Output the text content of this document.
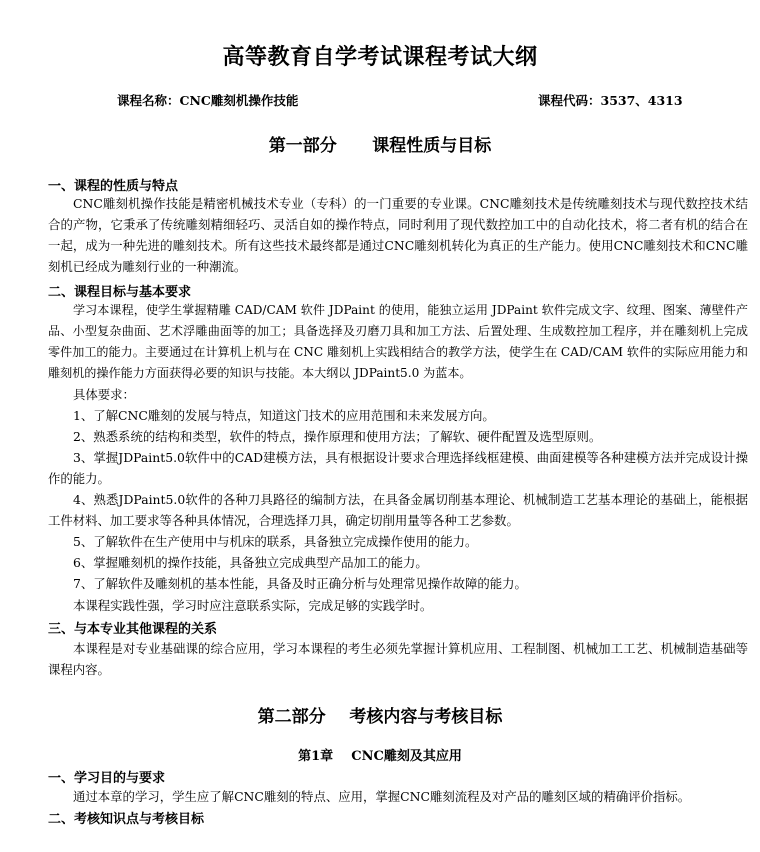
高等教育自学考试课程考试大纲
课程名称：CNC雕刻机操作技能	课程代码：3537、4313
第一部分      课程性质与目标
一、课程的性质与特点
CNC雕刻机操作技能是精密机械技术专业（专科）的一门重要的专业课。CNC雕刻技术是传统雕刻技术与现代数控技术结合的产物，它秉承了传统雕刻精细轻巧、灵活自如的操作特点，同时利用了现代数控加工中的自动化技术，将二者有机的结合在一起，成为一种先进的雕刻技术。所有这些技术最终都是通过CNC雕刻机转化为真正的生产能力。使用CNC雕刻技术和CNC雕刻机已经成为雕刻行业的一种潮流。
二、课程目标与基本要求
学习本课程，使学生掌握精雕 CAD/CAM 软件 JDPaint 的使用，能独立运用 JDPaint 软件完成文字、纹理、图案、薄壁件产品、小型复杂曲面、艺术浮雕曲面等的加工；具备选择及刃磨刀具和加工方法、后置处理、生成数控加工程序，并在雕刻机上完成零件加工的能力。主要通过在计算机上机与在 CNC 雕刻机上实践相结合的教学方法，使学生在 CAD/CAM 软件的实际应用能力和雕刻机的操作能力方面获得必要的知识与技能。本大纲以 JDPaint5.0 为蓝本。
具体要求：
1、了解CNC雕刻的发展与特点，知道这门技术的应用范围和未来发展方向。
2、熟悉系统的结构和类型，软件的特点，操作原理和使用方法；了解软、硬件配置及选型原则。
3、掌握JDPaint5.0软件中的CAD建模方法，具有根据设计要求合理选择线框建模、曲面建模等各种建模方法并完成设计操作的能力。
4、熟悉JDPaint5.0软件的各种刀具路径的编制方法，在具备金属切削基本理论、机械制造工艺基本理论的基础上，能根据工件材料、加工要求等各种具体情况，合理选择刀具，确定切削用量等各种工艺参数。
5、了解软件在生产使用中与机床的联系，具备独立完成操作使用的能力。
6、掌握雕刻机的操作技能，具备独立完成典型产品加工的能力。
7、了解软件及雕刻机的基本性能，具备及时正确分析与处理常见操作故障的能力。
本课程实践性强，学习时应注意联系实际，完成足够的实践学时。
三、与本专业其他课程的关系
本课程是对专业基础课的综合应用，学习本课程的考生必须先掌握计算机应用、工程制图、机械加工工艺、机械制造基础等课程内容。
第二部分    考核内容与考核目标
第1章    CNC雕刻及其应用
一、学习目的与要求
通过本章的学习，学生应了解CNC雕刻的特点、应用，掌握CNC雕刻流程及对产品的雕刻区域的精确评价指标。
二、考核知识点与考核目标
